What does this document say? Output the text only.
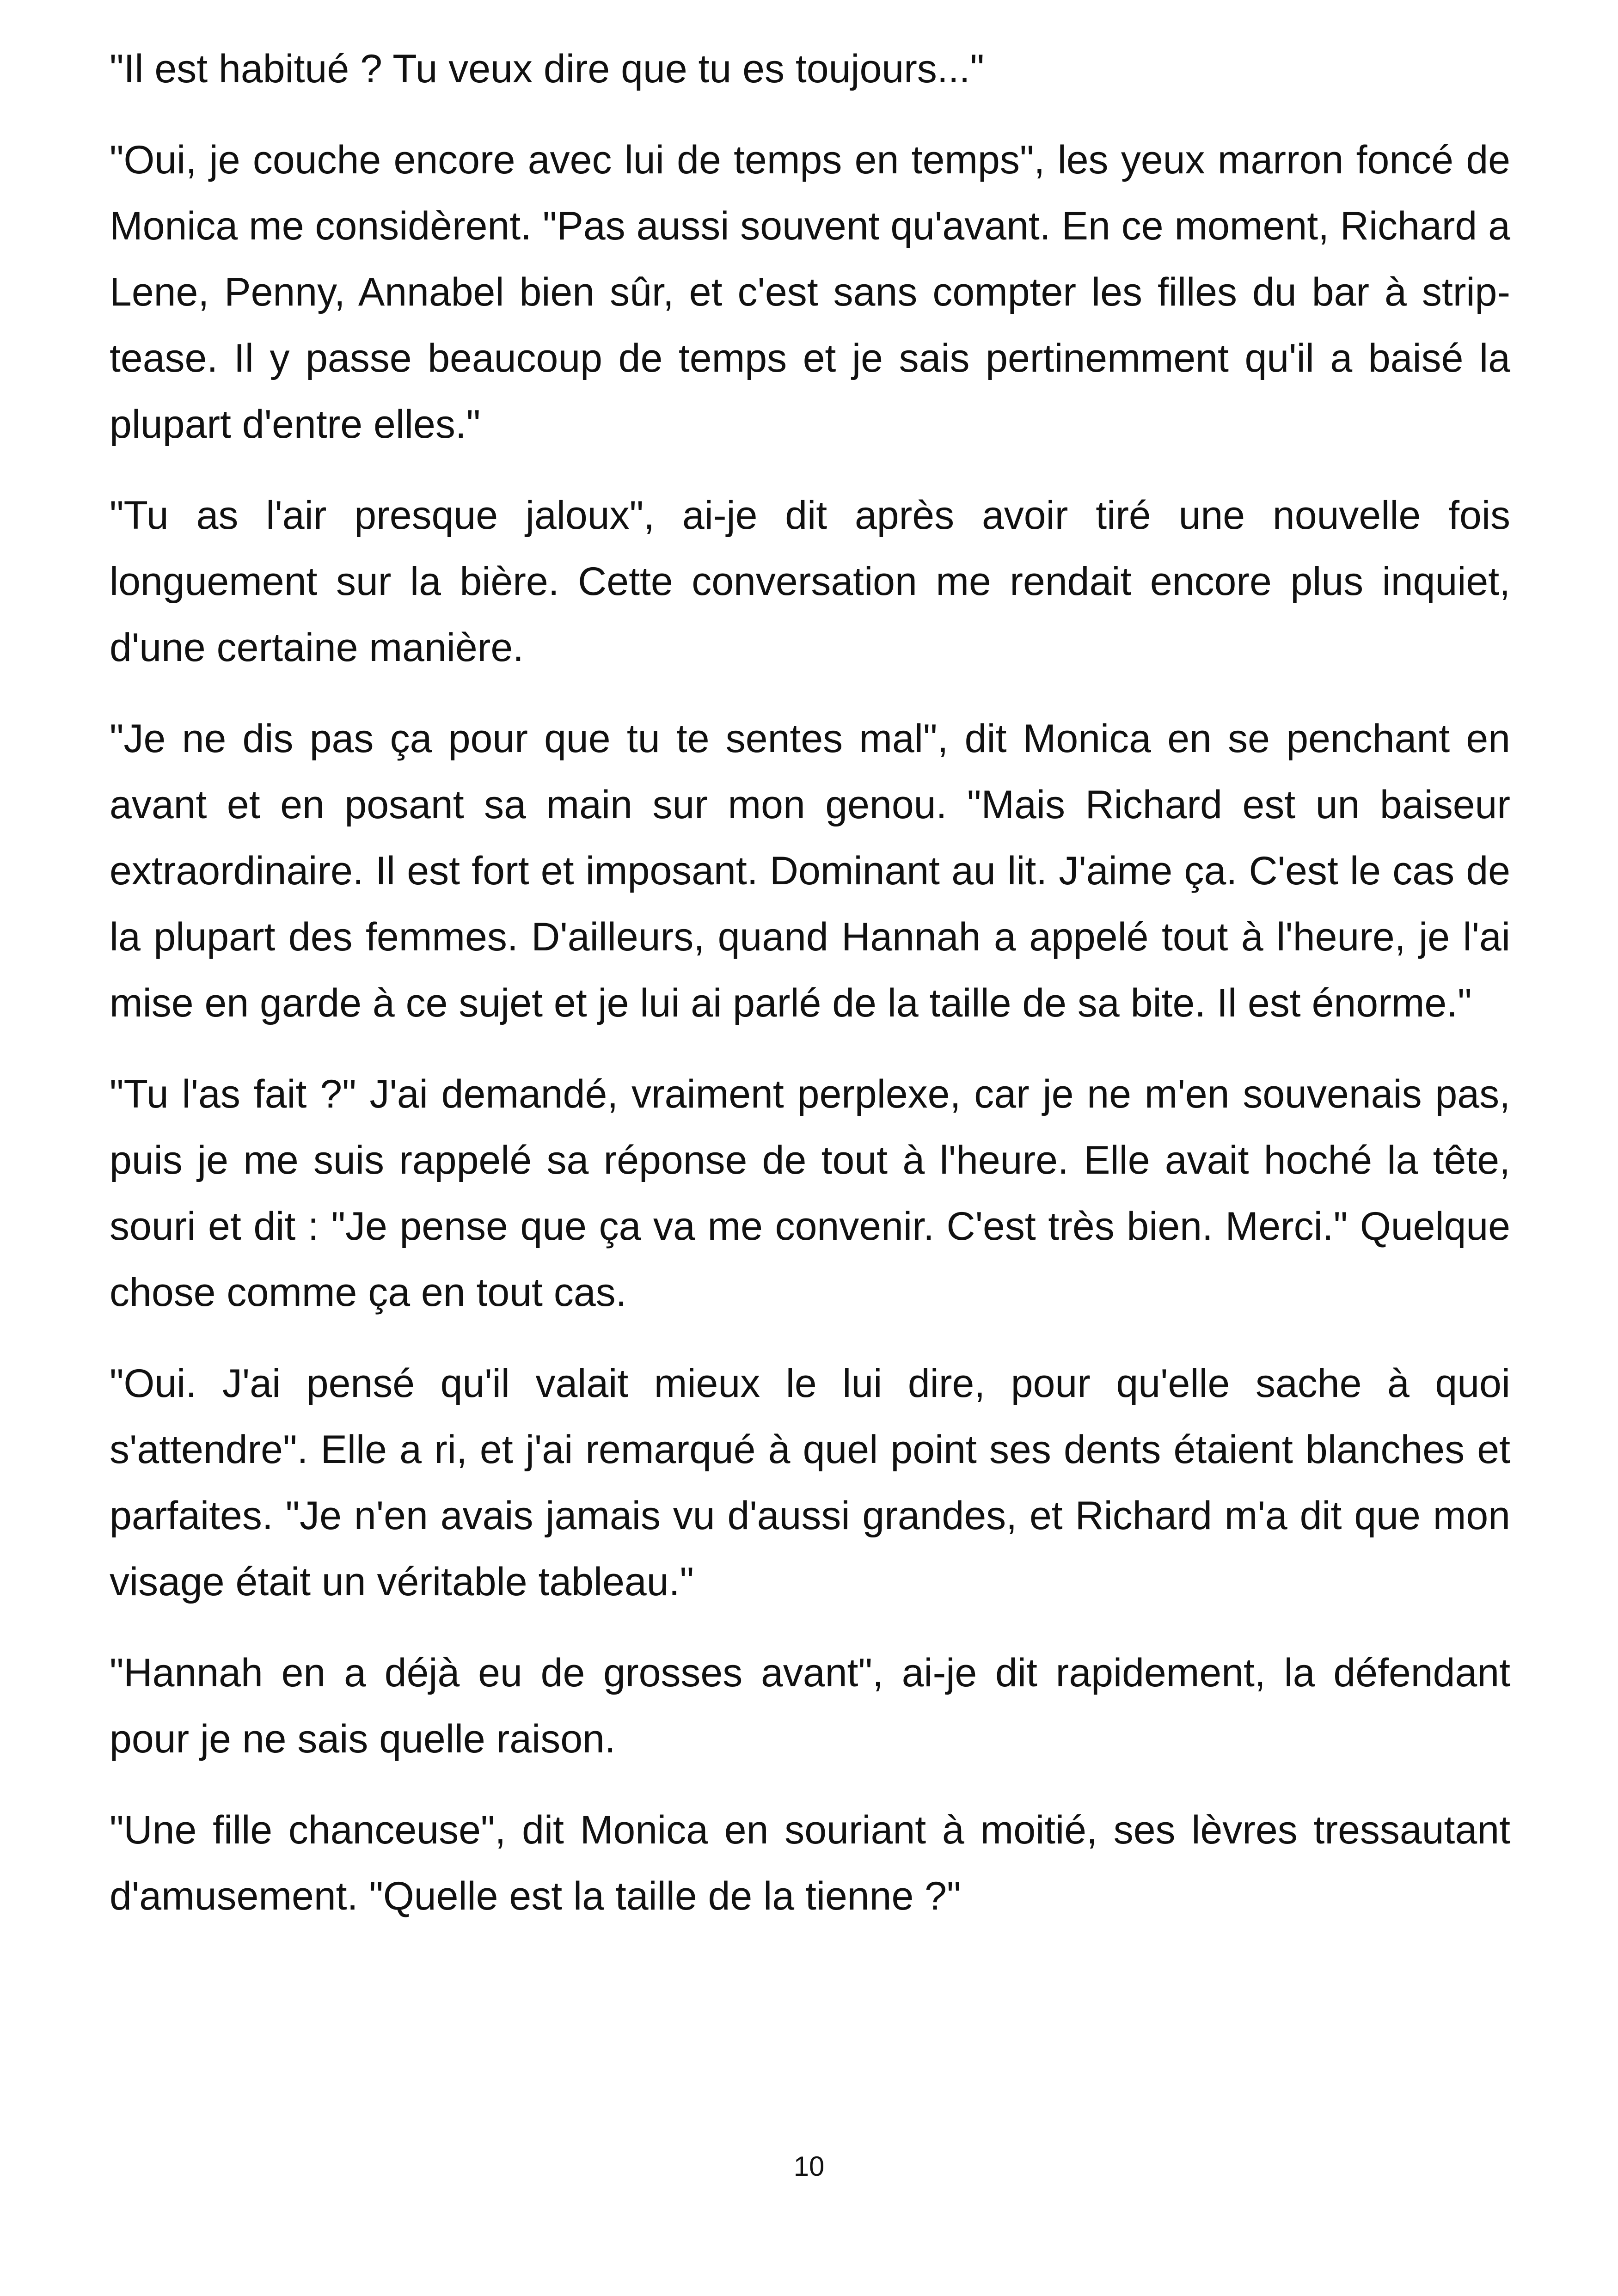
"Il est habitué ? Tu veux dire que tu es toujours..."

"Oui, je couche encore avec lui de temps en temps", les yeux marron foncé de Monica me considèrent. "Pas aussi souvent qu'avant. En ce moment, Richard a Lene, Penny, Annabel bien sûr, et c'est sans compter les filles du bar à strip-tease. Il y passe beaucoup de temps et je sais pertinemment qu'il a baisé la plupart d'entre elles."

"Tu as l'air presque jaloux", ai-je dit après avoir tiré une nouvelle fois longuement sur la bière. Cette conversation me rendait encore plus inquiet, d'une certaine manière.

"Je ne dis pas ça pour que tu te sentes mal", dit Monica en se penchant en avant et en posant sa main sur mon genou. "Mais Richard est un baiseur extraordinaire. Il est fort et imposant. Dominant au lit. J'aime ça. C'est le cas de la plupart des femmes. D'ailleurs, quand Hannah a appelé tout à l'heure, je l'ai mise en garde à ce sujet et je lui ai parlé de la taille de sa bite. Il est énorme."

"Tu l'as fait ?" J'ai demandé, vraiment perplexe, car je ne m'en souvenais pas, puis je me suis rappelé sa réponse de tout à l'heure. Elle avait hoché la tête, souri et dit : "Je pense que ça va me convenir. C'est très bien. Merci." Quelque chose comme ça en tout cas.

"Oui. J'ai pensé qu'il valait mieux le lui dire, pour qu'elle sache à quoi s'attendre". Elle a ri, et j'ai remarqué à quel point ses dents étaient blanches et parfaites. "Je n'en avais jamais vu d'aussi grandes, et Richard m'a dit que mon visage était un véritable tableau."

"Hannah en a déjà eu de grosses avant", ai-je dit rapidement, la défendant pour je ne sais quelle raison.

"Une fille chanceuse", dit Monica en souriant à moitié, ses lèvres tressautant d'amusement. "Quelle est la taille de la tienne ?"

10
